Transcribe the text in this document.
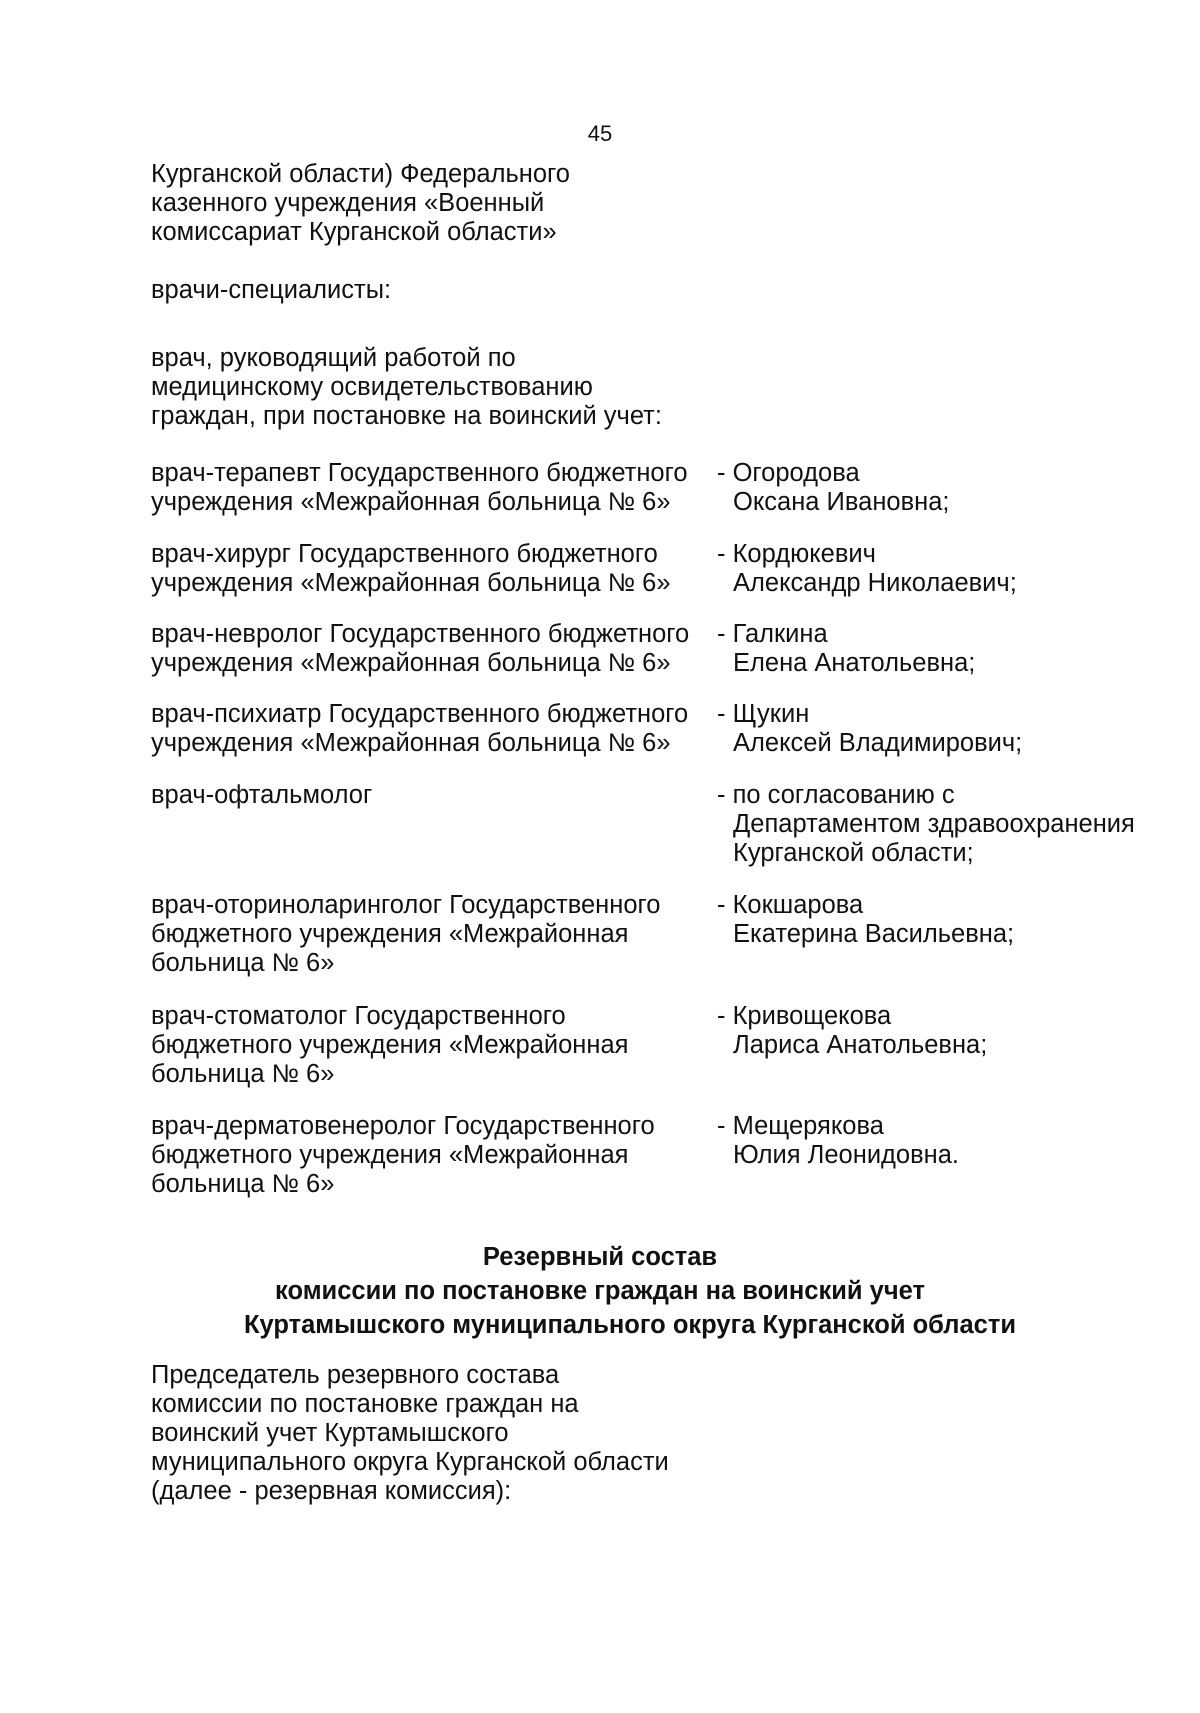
45
Курганской области) Федерального
казенного учреждения «Военный
комиссариат Курганской области»
врачи-специалисты:
врач, руководящий работой по
медицинскому освидетельствованию
граждан, при постановке на воинский учет:
врач-терапевт Государственного бюджетного
учреждения «Межрайонная больница № 6»
- Огородова
Оксана Ивановна;
врач-хирург Государственного бюджетного
учреждения «Межрайонная больница № 6»
- Кордюкевич
Александр Николаевич;
врач-невролог Государственного бюджетного
учреждения «Межрайонная больница № 6»
- Галкина
Елена Анатольевна;
врач-психиатр Государственного бюджетного
учреждения «Межрайонная больница № 6»
- Щукин
Алексей Владимирович;
врач-офтальмолог	- по согласованию с
Департаментом здравоохранения
Курганской области;
врач-оториноларинголог Государственного
бюджетного учреждения «Межрайонная
больница № 6»
- Кокшарова
Екатерина Васильевна;
врач-стоматолог Государственного
бюджетного учреждения «Межрайонная
больница № 6»
- Кривощекова
Лариса Анатольевна;
врач-дерматовенеролог Государственного
бюджетного учреждения «Межрайонная
больница № 6»
- Мещерякова
Юлия Леонидовна.
Резервный состав
комиссии по постановке граждан на воинский учет
Куртамышского муниципального округа Курганской области
Председатель резервного состава
комиссии по постановке граждан на
воинский учет Куртамышского
муниципального округа Курганской области
(далее - резервная комиссия):
